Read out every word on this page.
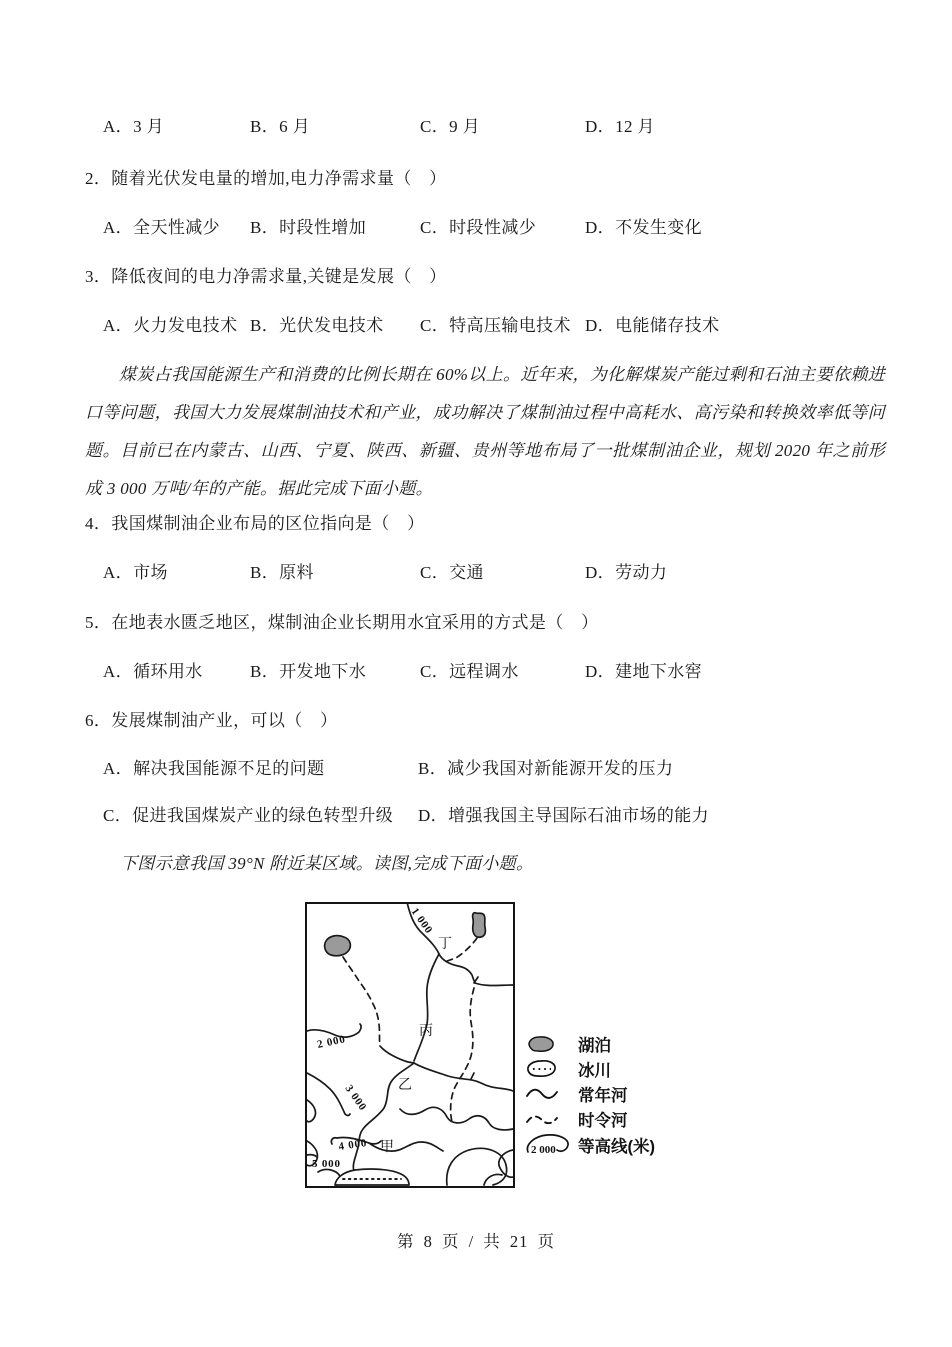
A．3 月	B．6 月	C．9 月	D．12 月
2．随着光伏发电量的增加,电力净需求量（　）
A．全天性减少 B．时段性增加	C．时段性减少	D．不发生变化
3．降低夜间的电力净需求量,关键是发展（　）
A．火力发电技术 B．光伏发电技术 C．特高压输电技术 D．电能储存技术
煤炭占我国能源生产和消费的比例长期在 60%以上。近年来，为化解煤炭产能过剩和石油主要依赖进口等问题，我国大力发展煤制油技术和产业，成功解决了煤制油过程中高耗水、高污染和转换效率低等问题。目前已在内蒙古、山西、宁夏、陕西、新疆、贵州等地布局了一批煤制油企业，规划 2020 年之前形成 3 000 万吨/年的产能。据此完成下面小题。
4．我国煤制油企业布局的区位指向是（　）
A．市场	B．原料	C．交通	D．劳动力
5．在地表水匮乏地区，煤制油企业长期用水宜采用的方式是（　）
A．循环用水	B．开发地下水	C．远程调水	D．建地下水窖
6．发展煤制油产业，可以（　）
A．解决我国能源不足的问题	B．减少我国对新能源开发的压力
C．促进我国煤炭产业的绿色转型升级 D．增强我国主导国际石油市场的能力
下图示意我国 39°N 附近某区域。读图,完成下面小题。
1 000
2 000
3 000
4 000
5 000
丁
丙
乙
甲
湖泊
冰川
常年河
时令河
2 000 等高线(米)
第 8 页 / 共 21 页
